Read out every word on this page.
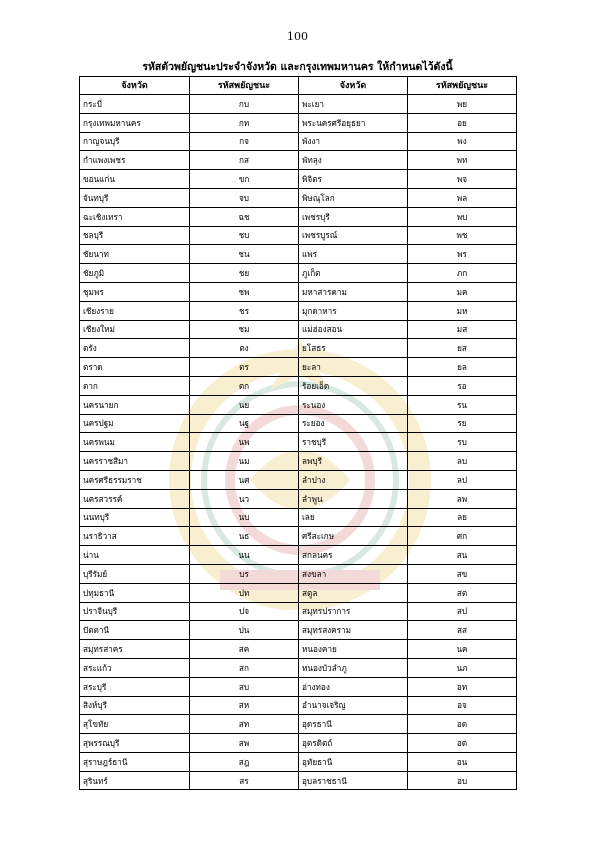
100
รหัสตัวพยัญชนะประจำจังหวัด และกรุงเทพมหานคร ให้กำหนดไว้ดังนี้
จังหวัด	รหัสพยัญชนะ	จังหวัด	รหัสพยัญชนะ
กระบี่	กบ	พะเยา	พย
กรุงเทพมหานคร	กท	พระนครศรีอยุธยา	อย
กาญจนบุรี	กจ	พังงา	พง
กำแพงเพชร	กส	พัทลุง	พท
ขอนแก่น	ขก	พิจิตร	พจ
จันทบุรี	จบ	พิษณุโลก	พล
ฉะเชิงเทรา	ฉช	เพชรบุรี	พบ
ชลบุรี	ชบ	เพชรบูรณ์	พช
ชัยนาท	ชน	แพร่	พร
ชัยภูมิ	ชย	ภูเก็ต	ภก
ชุมพร	ชพ	มหาสารคาม	มค
เชียงราย	ชร	มุกดาหาร	มห
เชียงใหม่	ชม	แม่ฮ่องสอน	มส
ตรัง	ตง	ยโสธร	ยส
ตราด	ตร	ยะลา	ยล
ตาก	ตก	ร้อยเอ็ด	รอ
นครนายก	นย	ระนอง	รน
นครปฐม	นฐ	ระยอง	รย
นครพนม	นพ	ราชบุรี	รบ
นครราชสีมา	นม	ลพบุรี	ลบ
นครศรีธรรมราช	นศ	ลำปาง	ลป
นครสวรรค์	นว	ลำพูน	ลพ
นนทบุรี	นบ	เลย	ลย
นราธิวาส	นธ	ศรีสะเกษ	ศก
น่าน	นน	สกลนคร	สน
บุรีรัมย์	บร	สงขลา	สข
ปทุมธานี	ปท	สตูล	สต
ปราจีนบุรี	ปจ	สมุทรปราการ	สป
ปัตตานี	ปน	สมุทรสงคราม	สส
สมุทรสาคร	สค	หนองคาย	นค
สระแก้ว	สก	หนองบัวลำภู	นภ
สระบุรี	สบ	อ่างทอง	อท
สิงห์บุรี	สห	อำนาจเจริญ	อจ
สุโขทัย	สท	อุดรธานี	อด
สุพรรณบุรี	สพ	อุตรดิตถ์	อต
สุราษฎร์ธานี	สฎ	อุทัยธานี	อน
สุรินทร์	สร	อุบลราชธานี	อบ
